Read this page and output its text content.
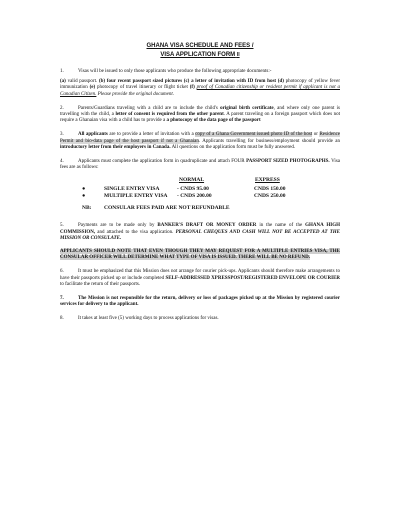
GHANA VISA SCHEDULE AND FEES /
VISA APPLICATION FORM II

1.	Visas will be issued to only those applicants who produce the following appropriate documents:-

(a) valid passport. (b) four recent passport sized pictures (c) a letter of invitation with ID from host (d) photocopy of yellow fever immunization (e) photocopy of travel itinerary or flight ticket (f) proof of Canadian citizenship or resident permit if applicant is not a Canadian Citizen. Please provide the original document.

2.	Parents/Guardians traveling with a child are to include the child's original birth certificate, and where only one parent is travelling with the child, a letter of consent is required from the other parent. A parent traveling on a foreign passport which does not require a Ghanaian visa with a child has to provide a a photocopy of the data page of the passport

3.	All applicants are to provide a letter of invitation with a copy of a Ghana Government issued photo ID of the host or Residence Permit and bio-data page of the host passport if not a Ghanaian. Applicants travelling for business/employment should provide an introductory letter from their employers in Canada. All questions on the application form must be fully answered.

4.	Applicants must complete the application form in quadruplicate and attach FOUR PASSPORT SIZED PHOTOGRAPHS. Visa fees are as follows:

NORMAL	EXPRESS
●	SINGLE ENTRY VISA	- CNDS 95.00	CNDS 150.00
●	MULTIPLE ENTRY VISA - CNDS 200.00	CNDS 250.00
NB: CONSULAR FEES PAID ARE NOT REFUNDABLE

5.	Payments are to be made only by BANKER'S DRAFT OR MONEY ORDER in the name of the GHANA HIGH COMMISSION, and attached to the visa application. PERSONAL CHEQUES AND CASH WILL NOT BE ACCEPTED AT THE MISSION OR CONSULATE.

APPLICANTS SHOULD NOTE THAT EVEN THOUGH THEY MAY REQUEST FOR A MULTIPLE ENTRIES VISA, THE CONSULAR OFFICER WILL DETERMINE WHAT TYPE OF VISA IS ISSUED. THERE WILL BE NO REFUND.

6.	It must be emphasized that this Mission does not arrange for courier pick-ups. Applicants should therefore make arrangements to have their passports picked up or include completed SELF-ADDRESSED XPRESSPOST/REGISTERED ENVELOPE OR COURIER to facilitate the return of their passports.

7.	The Mission is not responsible for the return, delivery or loss of packages picked up at the Mission by registered courier services for delivery to the applicant.

8.	It takes at least five (5) working days to process applications for visas.
